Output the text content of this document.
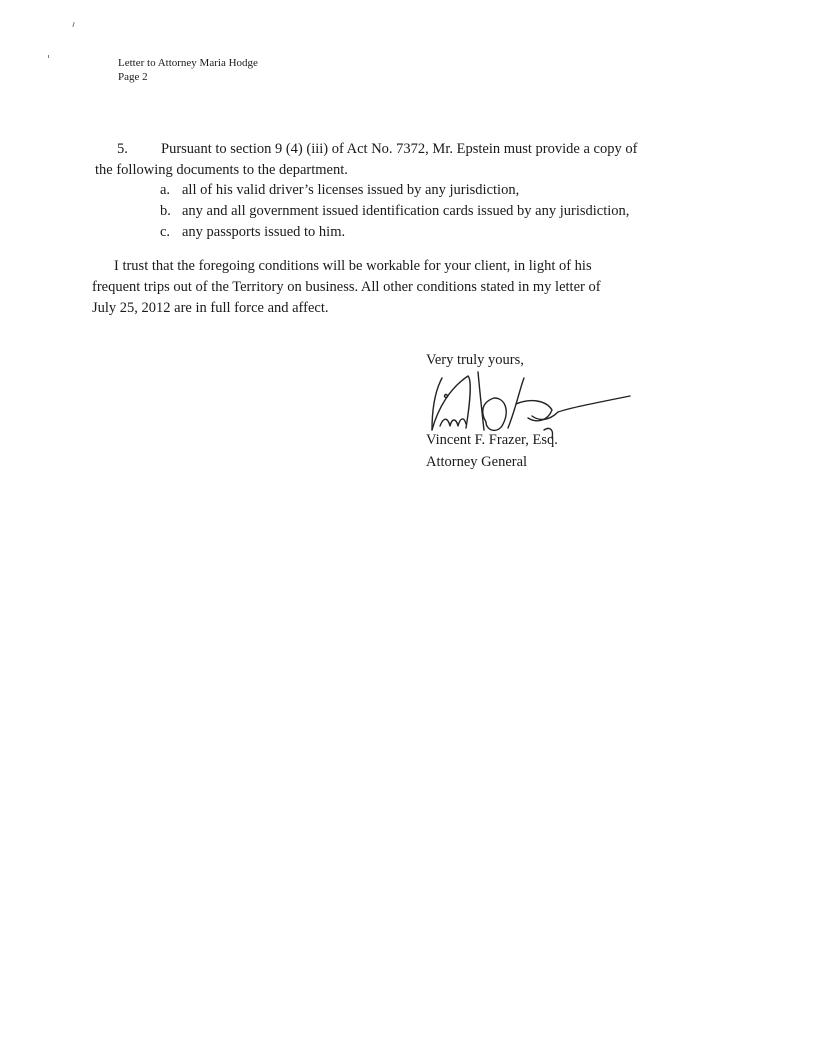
Letter to Attorney Maria Hodge
Page 2
5. Pursuant to section 9 (4) (iii) of Act No. 7372, Mr. Epstein must provide a copy of
the following documents to the department.
a. all of his valid driver’s licenses issued by any jurisdiction,
b. any and all government issued identification cards issued by any jurisdiction,
c. any passports issued to him.
I trust that the foregoing conditions will be workable for your client, in light of his
frequent trips out of the Territory on business. All other conditions stated in my letter of
July 25, 2012 are in full force and affect.
Very truly yours,
Vincent F. Frazer, Esq.
Attorney General
